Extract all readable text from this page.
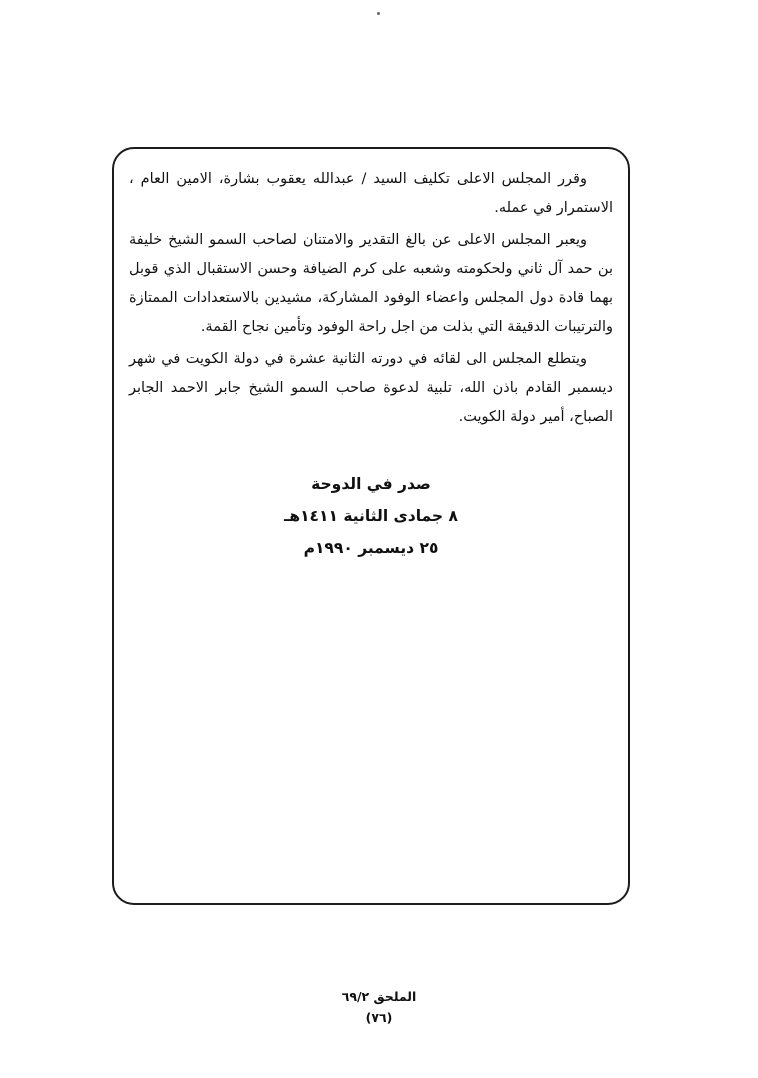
وقرر المجلس الاعلى تكليف السيد / عبدالله يعقوب بشارة، الامين العام ، الاستمرار في عمله.

ويعبر المجلس الاعلى عن بالغ التقدير والامتنان لصاحب السمو الشيخ خليفة بن حمد آل ثاني ولحكومته وشعبه على كرم الضيافة وحسن الاستقبال الذي قوبل بهما قادة دول المجلس واعضاء الوفود المشاركة، مشيدين بالاستعدادات الممتازة والترتيبات الدقيقة التي بذلت من اجل راحة الوفود وتأمين نجاح القمة.

ويتطلع المجلس الى لقائه في دورته الثانية عشرة في دولة الكويت في شهر ديسمبر القادم باذن الله، تلبية لدعوة صاحب السمو الشيخ جابر الاحمد الجابر الصباح، أمير دولة الكويت.

صدر في الدوحة
٨ جمادى الثانية ١٤١١هـ
٢٥ ديسمبر ١٩٩٠م
الملحق ٦٩/٢
(٧٦)
